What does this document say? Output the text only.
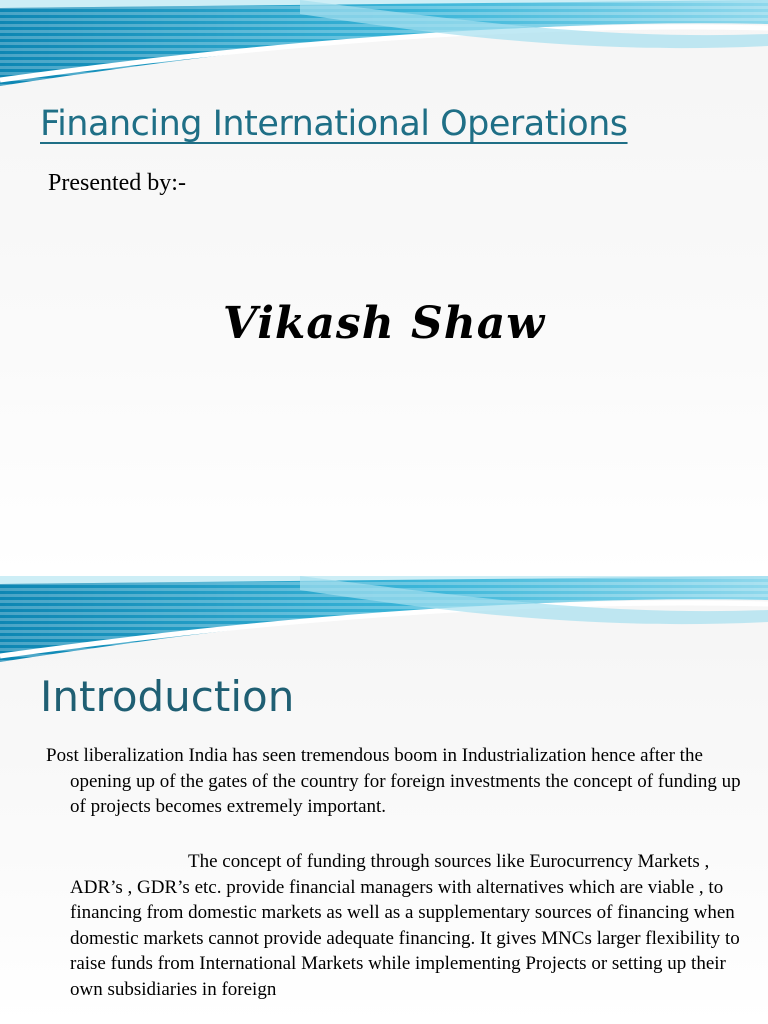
Financing International Operations
Presented by:-
Vikash Shaw
Introduction

Post liberalization India has seen tremendous boom in Industrialization hence after the opening up of the gates of the country for foreign investments the concept of funding up of projects becomes extremely important.

The concept of funding through sources like Eurocurrency Markets , ADR’s , GDR’s etc. provide financial managers with alternatives which are viable , to financing from domestic markets as well as a supplementary sources of financing when domestic markets cannot provide adequate financing. It gives MNCs larger flexibility to raise funds from International Markets while implementing Projects or setting up their own subsidiaries in foreign
